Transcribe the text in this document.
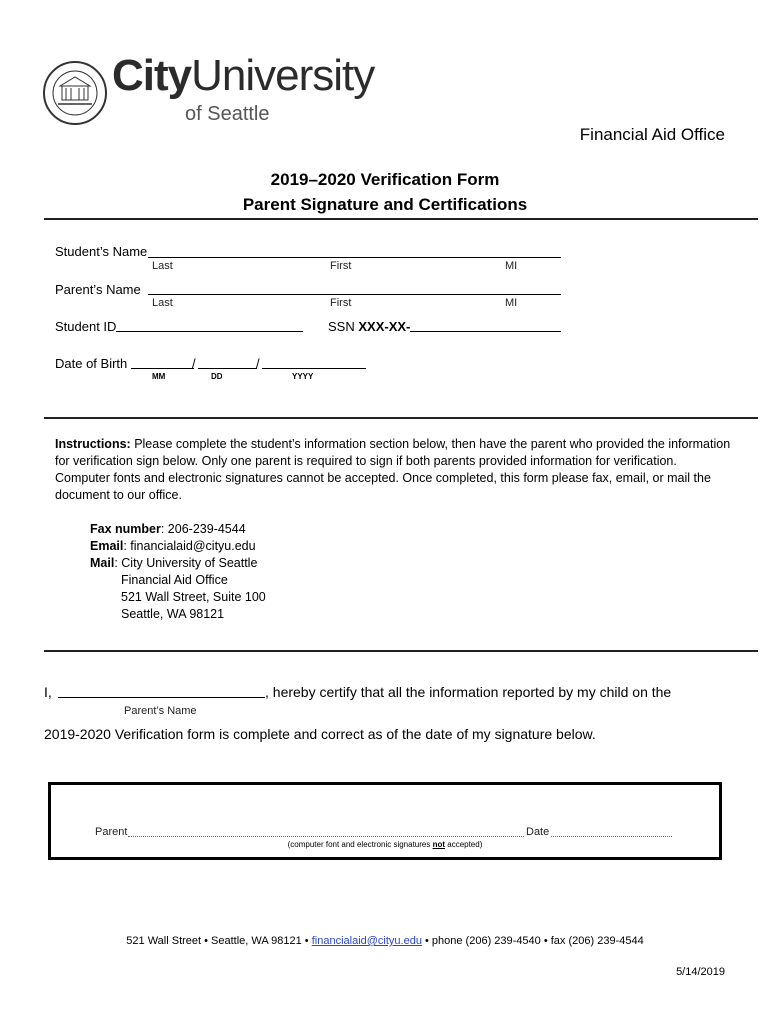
CityUniversity
of Seattle
Financial Aid Office
2019–2020 Verification Form
Parent Signature and Certifications
Student’s Name
Last	First	MI
Parent’s Name
Last	First	MI
Student ID	SSN XXX-XX-
Date of Birth	/	/
MM	DD	YYYY
Instructions: Please complete the student’s information section below, then have the parent who provided the information for verification sign below. Only one parent is required to sign if both parents provided information for verification. Computer fonts and electronic signatures cannot be accepted. Once completed, this form please fax, email, or mail the document to our office.
Fax number: 206-239-4544
Email: financialaid@cityu.edu
Mail: City University of Seattle
Financial Aid Office
521 Wall Street, Suite 100
Seattle, WA 98121
I,	, hereby certify that all the information reported by my child on the
Parent’s Name
2019-2020 Verification form is complete and correct as of the date of my signature below.
Parent	Date
(computer font and electronic signatures not accepted)
521 Wall Street • Seattle, WA 98121 • financialaid@cityu.edu • phone (206) 239-4540 • fax (206) 239-4544
5/14/2019
